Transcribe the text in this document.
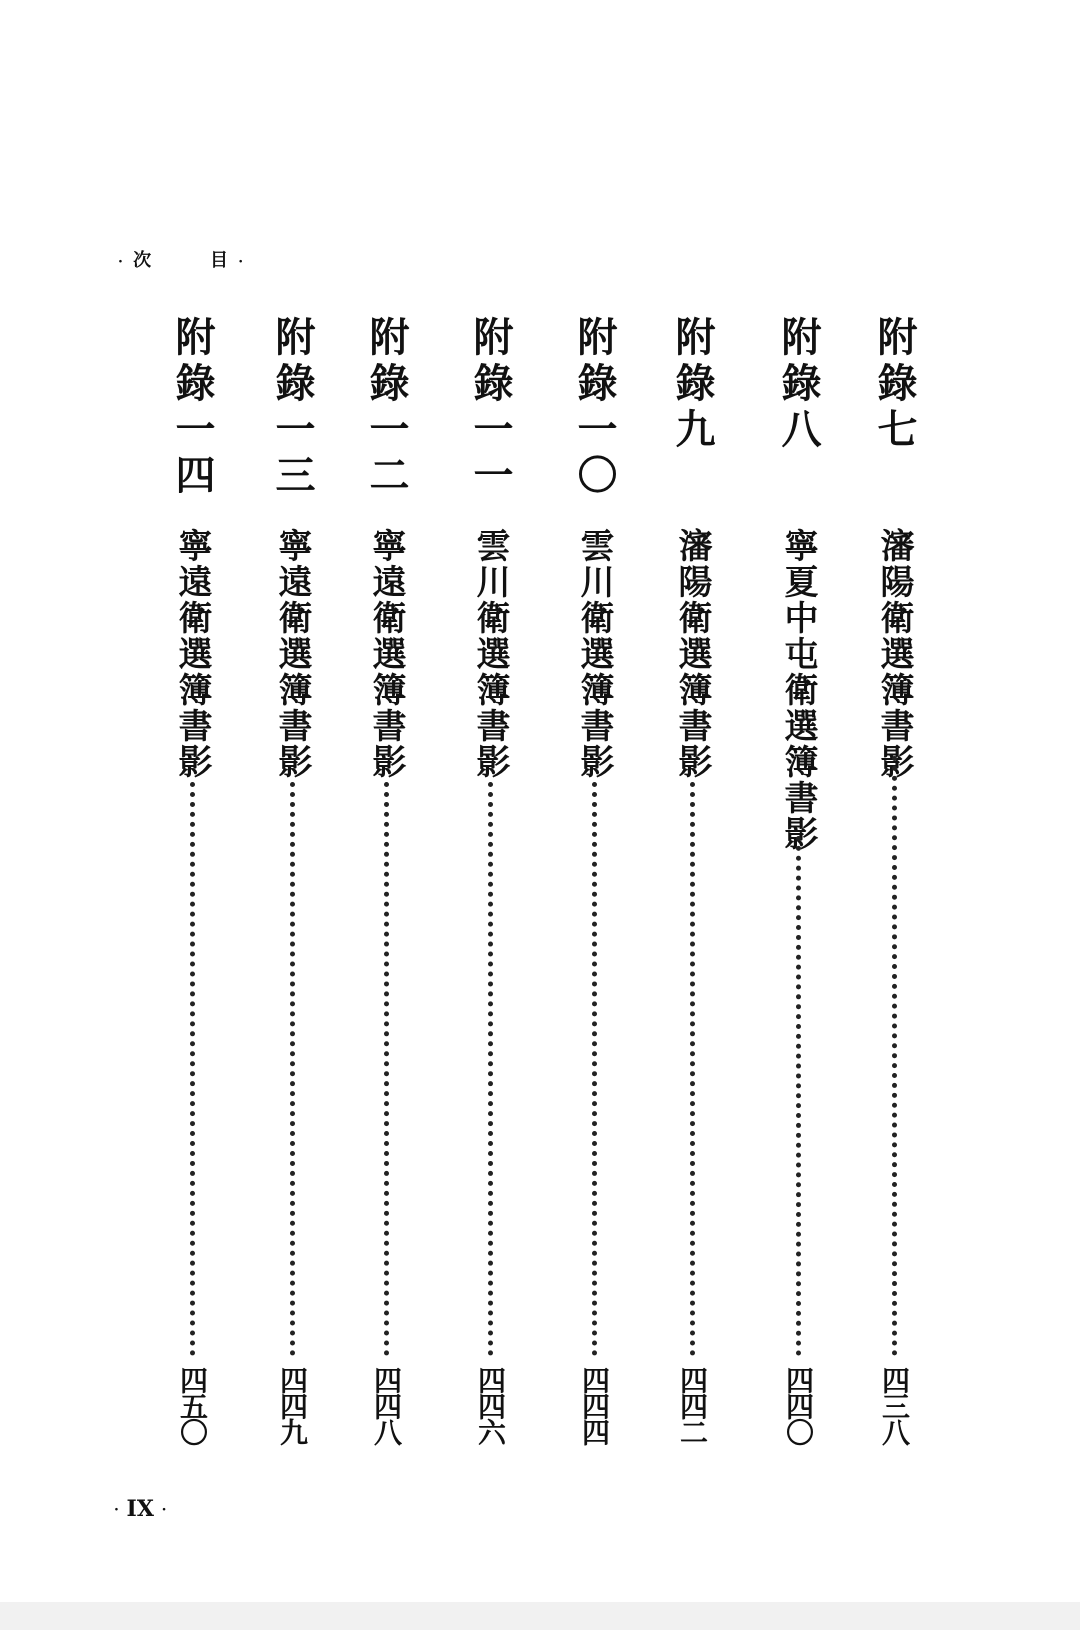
· 次	目 ·
附錄七
瀋陽衛選簿書影
四三八
附錄八
寧夏中屯衛選簿書影
四四〇
附錄九
瀋陽衛選簿書影
四四二
附錄一〇
雲川衛選簿書影
四四四
附錄一一
雲川衛選簿書影
四四六
附錄一二
寧遠衛選簿書影
四四八
附錄一三
寧遠衛選簿書影
四四九
附錄一四
寧遠衛選簿書影
四五〇
· IX ·
